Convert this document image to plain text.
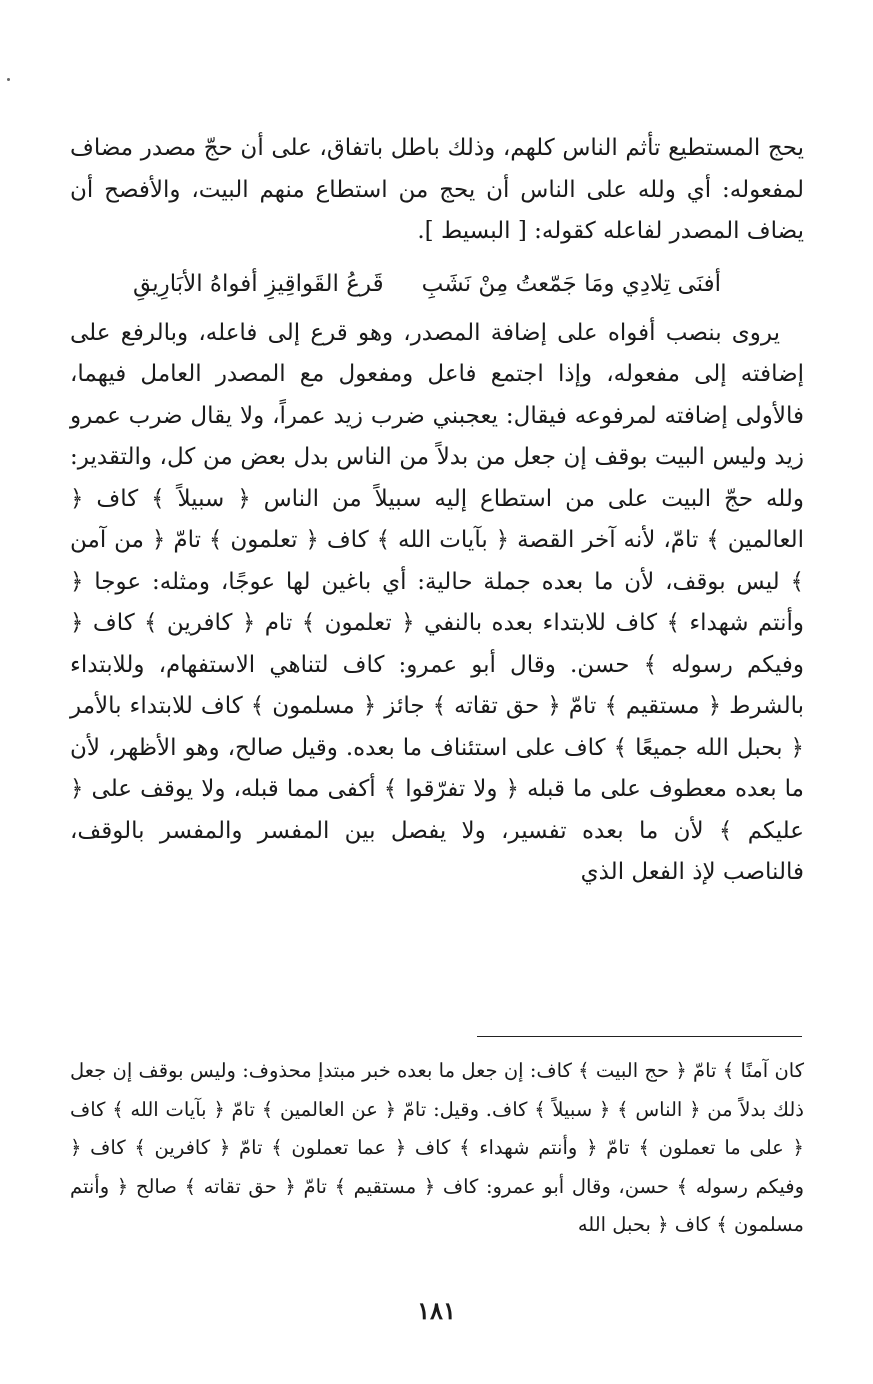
يحج المستطيع تأثم الناس كلهم، وذلك باطل باتفاق، على أن حجّ مصدر مضاف لمفعوله: أي ولله على الناس أن يحج من استطاع منهم البيت، والأفصح أن يضاف المصدر لفاعله كقوله: [ البسيط ].

أفنَى تِلادِي ومَا جَمّعتُ مِنْ نَشَبِ
قَرعُ القَواقِيزِ أفواهُ الأبَارِيقِ

يروى بنصب أفواه على إضافة المصدر، وهو قرع إلى فاعله، وبالرفع على إضافته إلى مفعوله، وإذا اجتمع فاعل ومفعول مع المصدر العامل فيهما، فالأولى إضافته لمرفوعه فيقال: يعجبني ضرب زيد عمراً، ولا يقال ضرب عمرو زيد وليس البيت بوقف إن جعل من بدلاً من الناس بدل بعض من كل، والتقدير: ولله حجّ البيت على من استطاع إليه سبيلاً من الناس ﴿ سبيلاً ﴾ كاف ﴿ العالمين ﴾ تامّ، لأنه آخر القصة ﴿ بآيات الله ﴾ كاف ﴿ تعلمون ﴾ تامّ ﴿ من آمن ﴾ ليس بوقف، لأن ما بعده جملة حالية: أي باغين لها عوجًا، ومثله: عوجا ﴿ وأنتم شهداء ﴾ كاف للابتداء بعده بالنفي ﴿ تعلمون ﴾ تام ﴿ كافرين ﴾ كاف ﴿ وفيكم رسوله ﴾ حسن. وقال أبو عمرو: كاف لتناهي الاستفهام، وللابتداء بالشرط ﴿ مستقيم ﴾ تامّ ﴿ حق تقاته ﴾ جائز ﴿ مسلمون ﴾ كاف للابتداء بالأمر ﴿ بحبل الله جميعًا ﴾ كاف على استئناف ما بعده. وقيل صالح، وهو الأظهر، لأن ما بعده معطوف على ما قبله ﴿ ولا تفرّقوا ﴾ أكفى مما قبله، ولا يوقف على ﴿ عليكم ﴾ لأن ما بعده تفسير، ولا يفصل بين المفسر والمفسر بالوقف، فالناصب لإذ الفعل الذي

كان آمنًا ﴾ تامّ ﴿ حج البيت ﴾ كاف: إن جعل ما بعده خبر مبتدإ محذوف: وليس بوقف إن جعل ذلك بدلاً من ﴿ الناس ﴾ ﴿ سبيلاً ﴾ كاف. وقيل: تامّ ﴿ عن العالمين ﴾ تامّ ﴿ بآيات الله ﴾ كاف ﴿ على ما تعملون ﴾ تامّ ﴿ وأنتم شهداء ﴾ كاف ﴿ عما تعملون ﴾ تامّ ﴿ كافرين ﴾ كاف ﴿ وفيكم رسوله ﴾ حسن، وقال أبو عمرو: كاف ﴿ مستقيم ﴾ تامّ ﴿ حق تقاته ﴾ صالح ﴿ وأنتم مسلمون ﴾ كاف ﴿ بحبل الله

١٨١
